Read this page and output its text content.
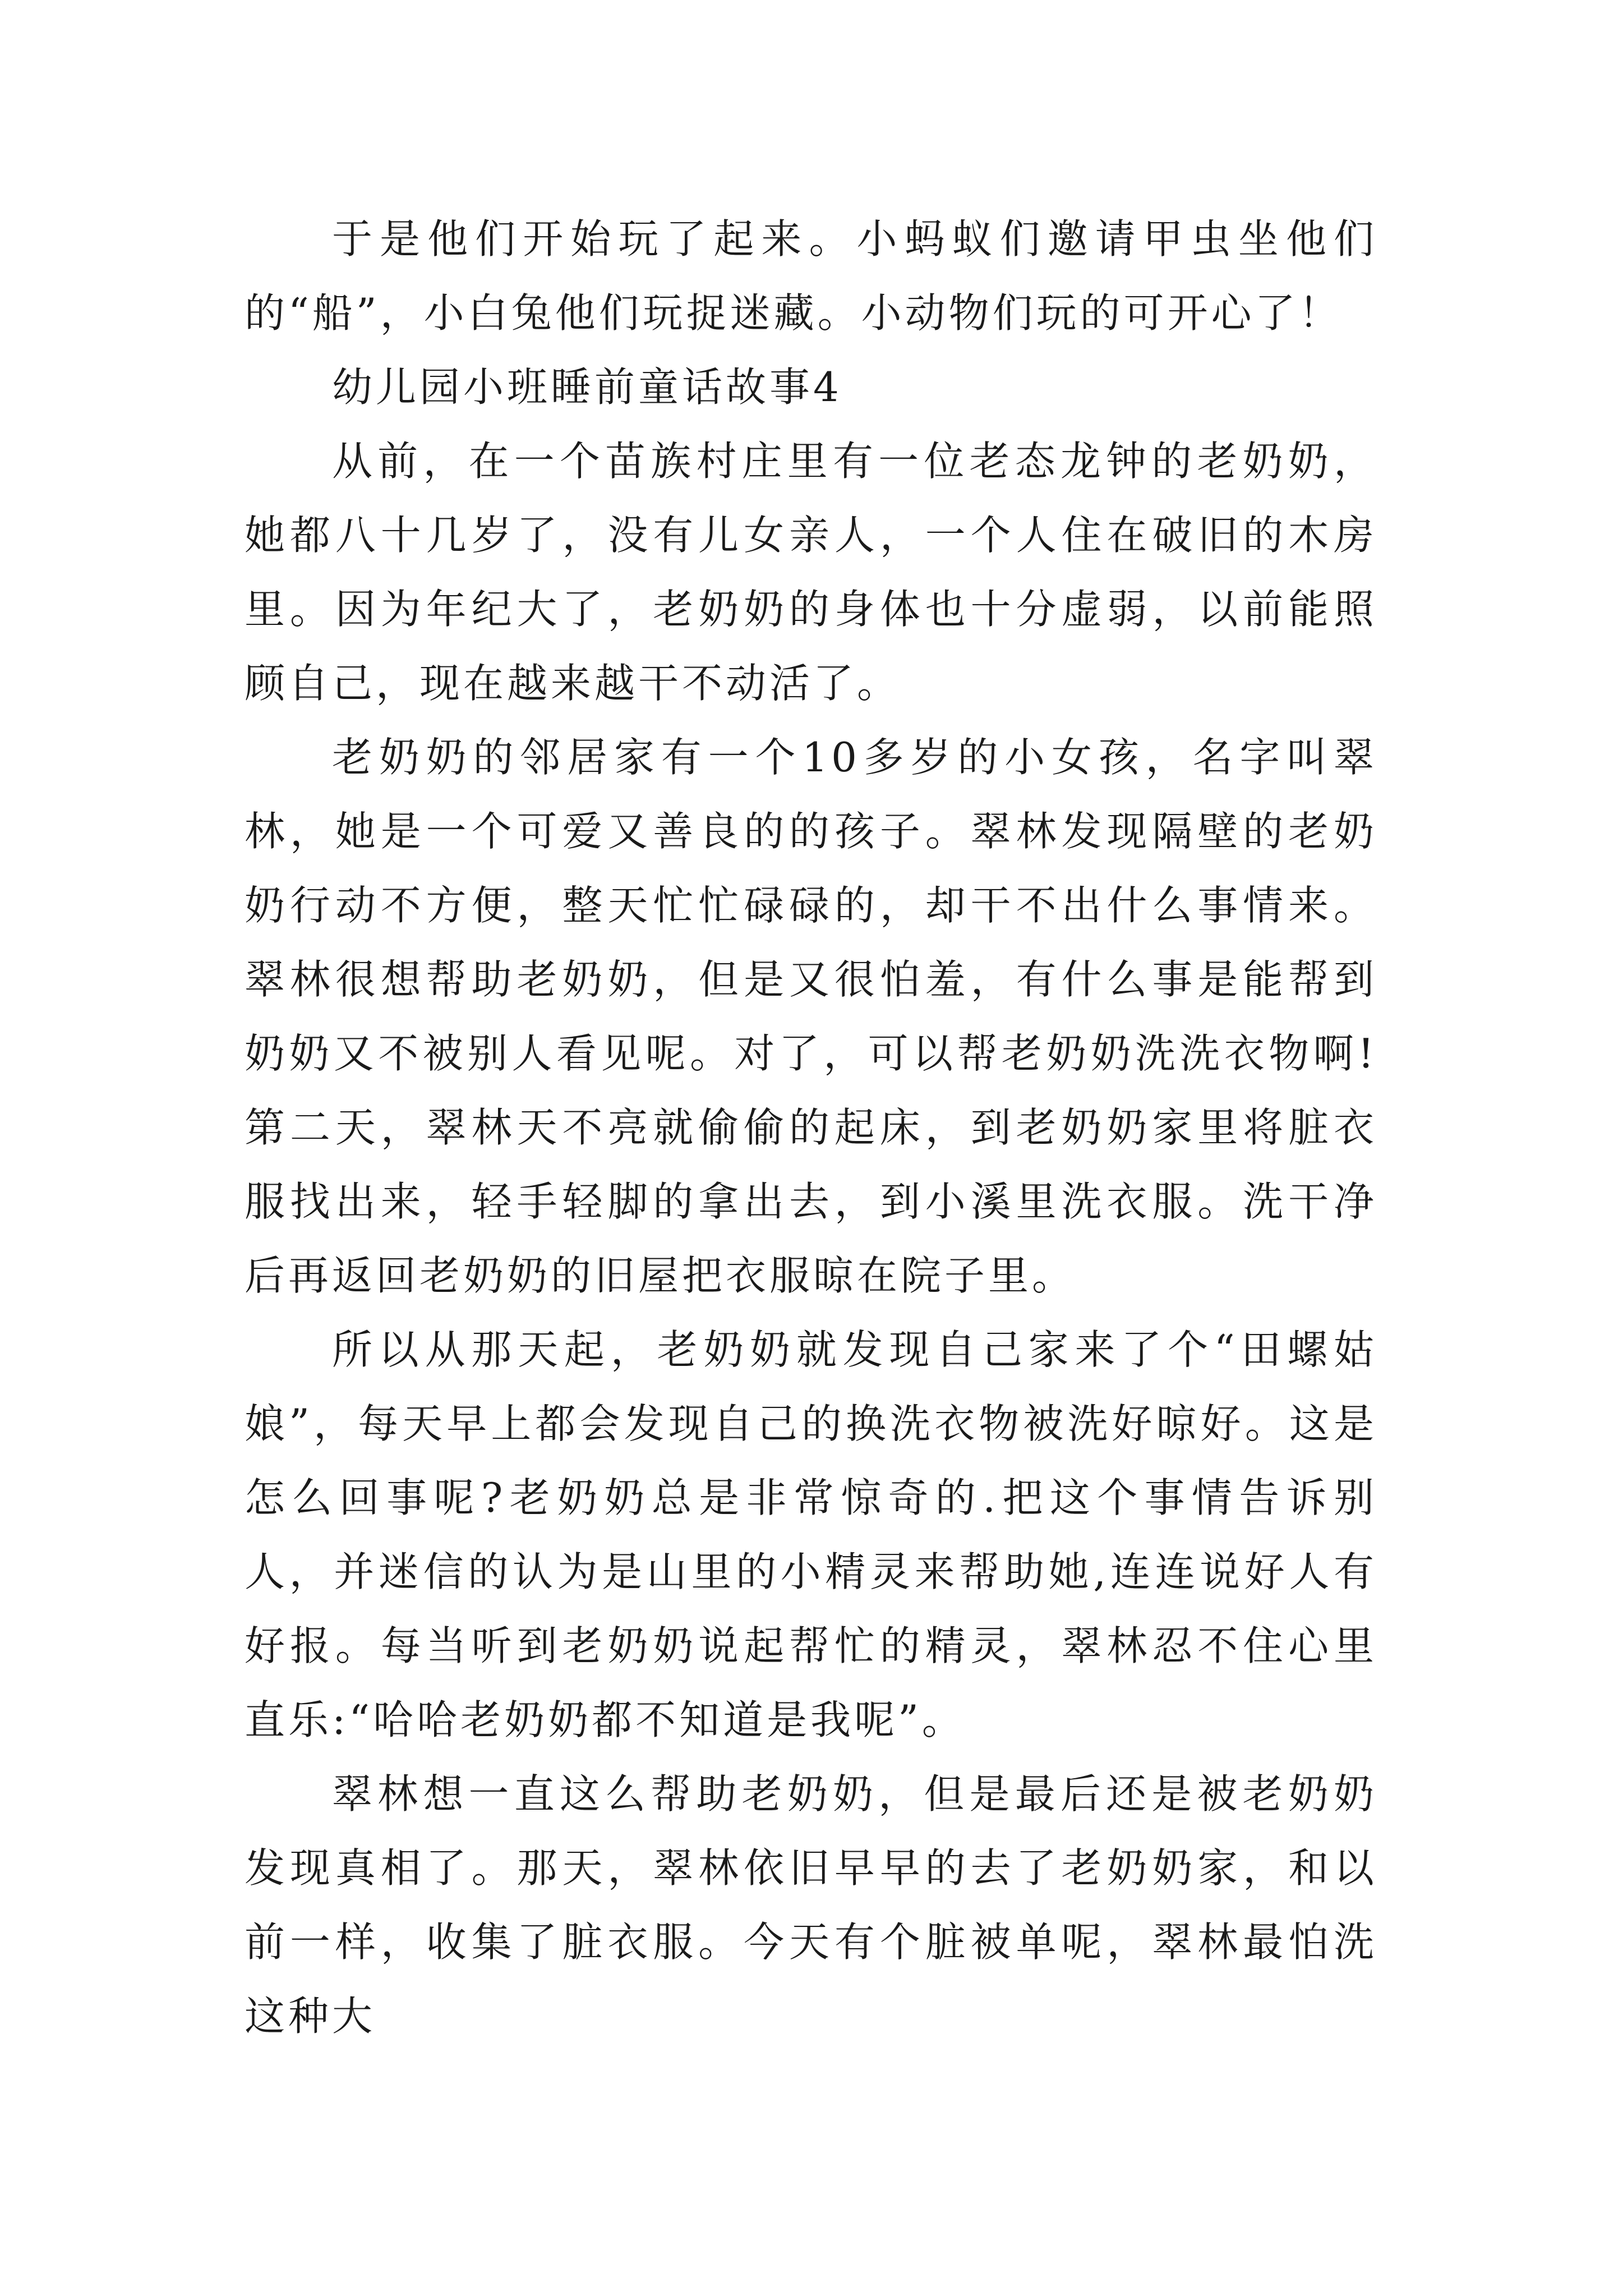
于是他们开始玩了起来。小蚂蚁们邀请甲虫坐他们的“船”，小白兔他们玩捉迷藏。小动物们玩的可开心了！

幼儿园小班睡前童话故事4

从前，在一个苗族村庄里有一位老态龙钟的老奶奶，她都八十几岁了，没有儿女亲人，一个人住在破旧的木房里。因为年纪大了，老奶奶的身体也十分虚弱，以前能照顾自己，现在越来越干不动活了。

老奶奶的邻居家有一个10多岁的小女孩，名字叫翠林，她是一个可爱又善良的的孩子。翠林发现隔壁的老奶奶行动不方便，整天忙忙碌碌的，却干不出什么事情来。翠林很想帮助老奶奶，但是又很怕羞，有什么事是能帮到奶奶又不被别人看见呢。对了，可以帮老奶奶洗洗衣物啊!第二天，翠林天不亮就偷偷的起床，到老奶奶家里将脏衣服找出来，轻手轻脚的拿出去，到小溪里洗衣服。洗干净后再返回老奶奶的旧屋把衣服晾在院子里。

所以从那天起，老奶奶就发现自己家来了个“田螺姑娘”，每天早上都会发现自己的换洗衣物被洗好晾好。这是怎么回事呢?老奶奶总是非常惊奇的.把这个事情告诉别人，并迷信的认为是山里的小精灵来帮助她,连连说好人有好报。每当听到老奶奶说起帮忙的精灵，翠林忍不住心里直乐:“哈哈老奶奶都不知道是我呢”。

翠林想一直这么帮助老奶奶，但是最后还是被老奶奶发现真相了。那天，翠林依旧早早的去了老奶奶家，和以前一样，收集了脏衣服。今天有个脏被单呢，翠林最怕洗这种大
